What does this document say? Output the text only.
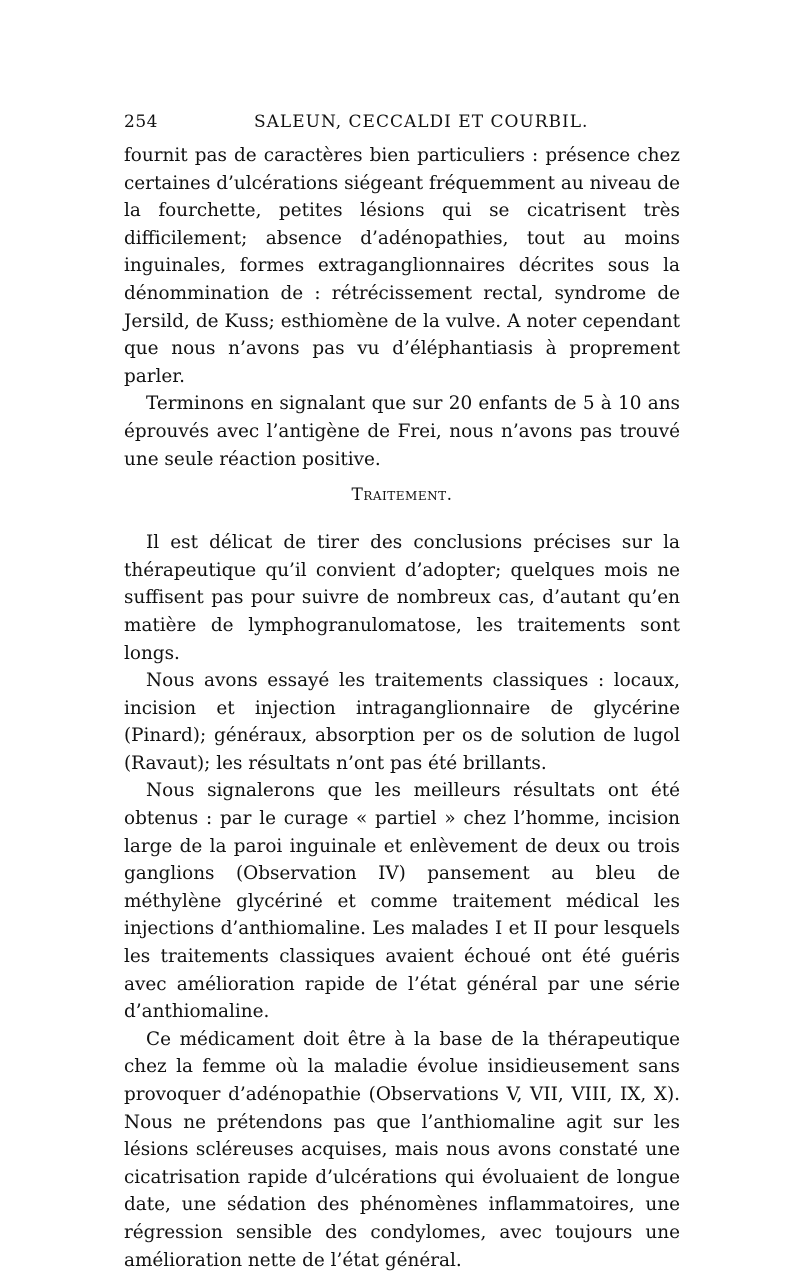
254	SALEUN, CECCALDI ET COURBIL.

fournit pas de caractères bien particuliers : présence chez certaines d’ulcérations siégeant fréquemment au niveau de la fourchette, petites lésions qui se cicatrisent très difficilement; absence d’adénopathies, tout au moins inguinales, formes extraganglionnaires décrites sous la dénommination de : rétrécissement rectal, syndrome de Jersild, de Kuss; esthiomène de la vulve. A noter cependant que nous n’avons pas vu d’éléphantiasis à proprement parler.

Terminons en signalant que sur 20 enfants de 5 à 10 ans éprouvés avec l’antigène de Frei, nous n’avons pas trouvé une seule réaction positive.

Traitement.

Il est délicat de tirer des conclusions précises sur la thérapeutique qu’il convient d’adopter; quelques mois ne suffisent pas pour suivre de nombreux cas, d’autant qu’en matière de lymphogranulomatose, les traitements sont longs.

Nous avons essayé les traitements classiques : locaux, incision et injection intraganglionnaire de glycérine (Pinard); généraux, absorption per os de solution de lugol (Ravaut); les résultats n’ont pas été brillants.

Nous signalerons que les meilleurs résultats ont été obtenus : par le curage « partiel » chez l’homme, incision large de la paroi inguinale et enlèvement de deux ou trois ganglions (Observation IV) pansement au bleu de méthylène glycériné et comme traitement médical les injections d’anthiomaline. Les malades I et II pour lesquels les traitements classiques avaient échoué ont été guéris avec amélioration rapide de l’état général par une série d’anthiomaline.

Ce médicament doit être à la base de la thérapeutique chez la femme où la maladie évolue insidieusement sans provoquer d’adénopathie (Observations V, VII, VIII, IX, X). Nous ne prétendons pas que l’anthiomaline agit sur les lésions scléreuses acquises, mais nous avons constaté une cicatrisation rapide d’ulcérations qui évoluaient de longue date, une sédation des phénomènes inflammatoires, une régression sensible des condylomes, avec toujours une amélioration nette de l’état général.
